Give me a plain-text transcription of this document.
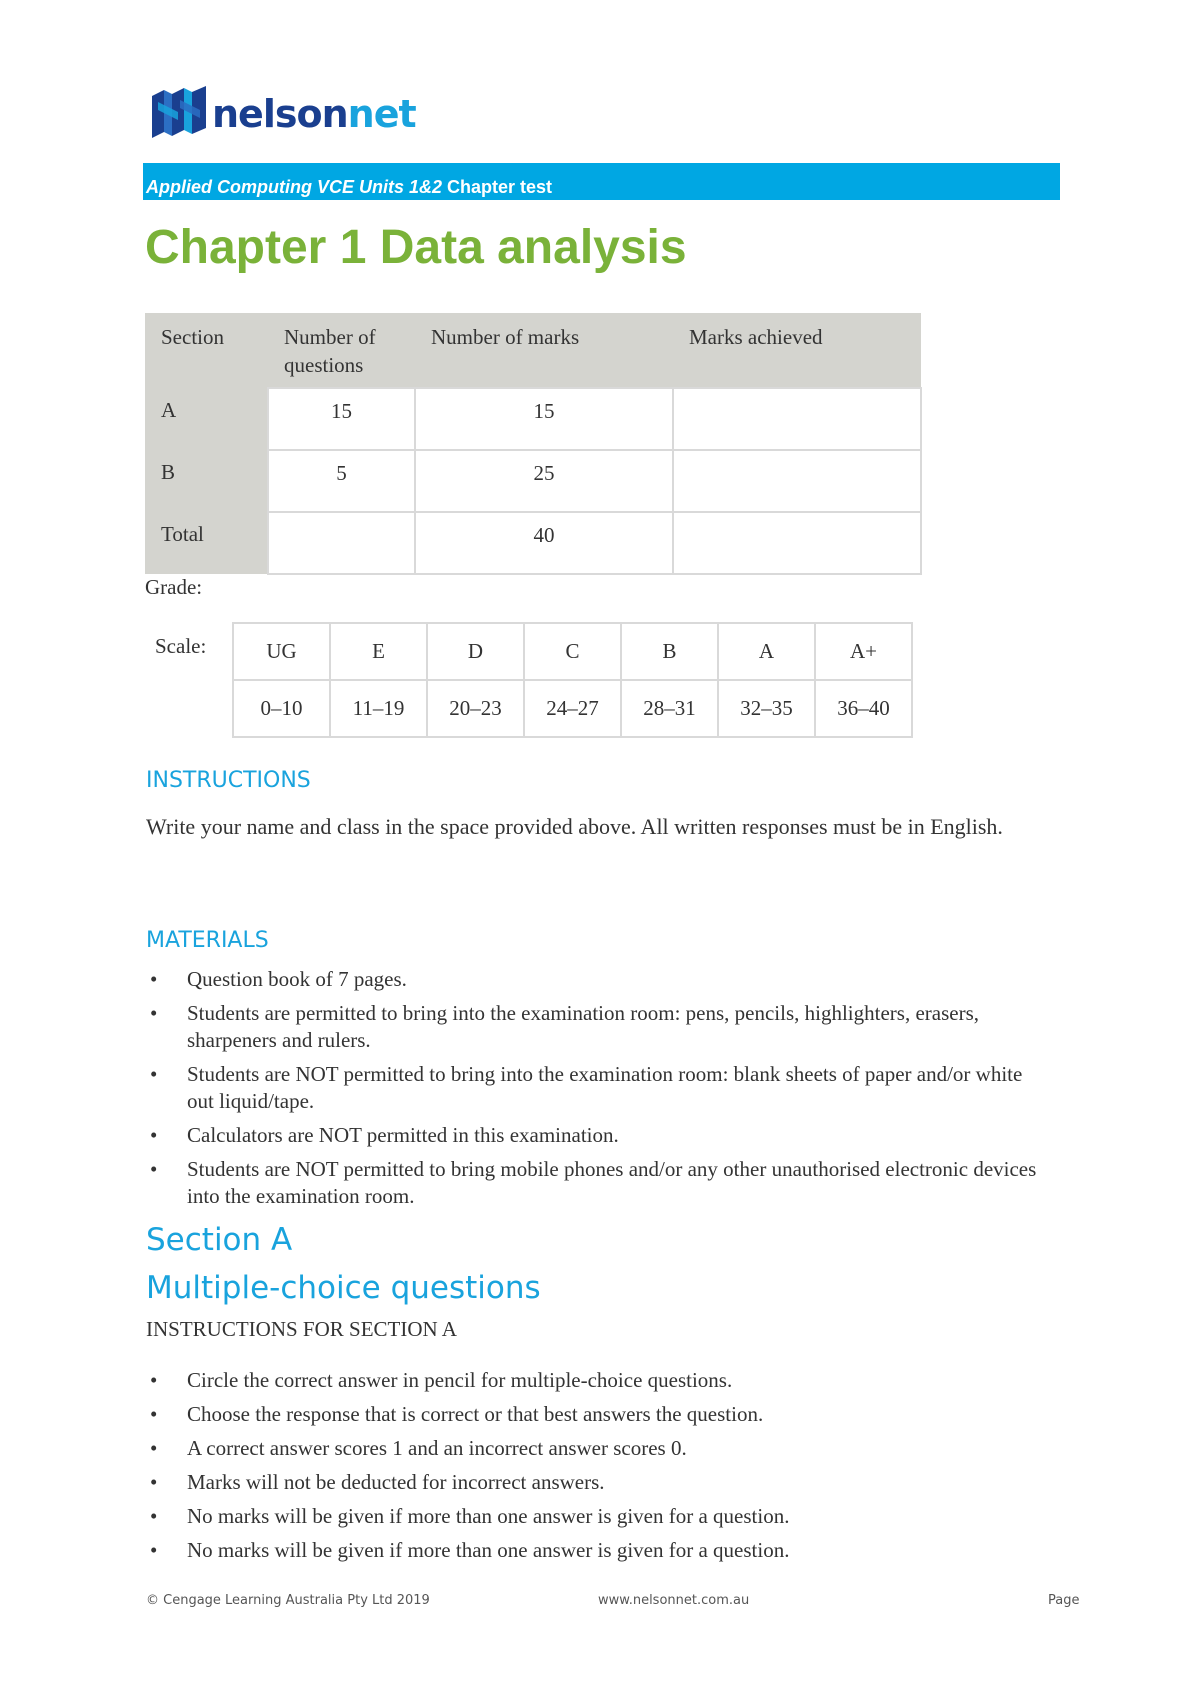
nelsonnet
Applied Computing VCE Units 1&2 Chapter test
Chapter 1 Data analysis
Section	Number of questions	Number of marks	Marks achieved
A	15	15	
B	5	25	
Total		40	
Grade:
Scale:	UG	E	D	C	B	A	A+
0–10	11–19	20–23	24–27	28–31	32–35	36–40
INSTRUCTIONS

Write your name and class in the space provided above. All written responses must be in English.

MATERIALS
• Question book of 7 pages.
• Students are permitted to bring into the examination room: pens, pencils, highlighters, erasers, sharpeners and rulers.
• Students are NOT permitted to bring into the examination room: blank sheets of paper and/or white out liquid/tape.
• Calculators are NOT permitted in this examination.
• Students are NOT permitted to bring mobile phones and/or any other unauthorised electronic devices into the examination room.
Section A
Multiple-choice questions
INSTRUCTIONS FOR SECTION A
• Circle the correct answer in pencil for multiple-choice questions.
• Choose the response that is correct or that best answers the question.
• A correct answer scores 1 and an incorrect answer scores 0.
• Marks will not be deducted for incorrect answers.
• No marks will be given if more than one answer is given for a question.
• No marks will be given if more than one answer is given for a question.
© Cengage Learning Australia Pty Ltd 2019	www.nelsonnet.com.au	Page
